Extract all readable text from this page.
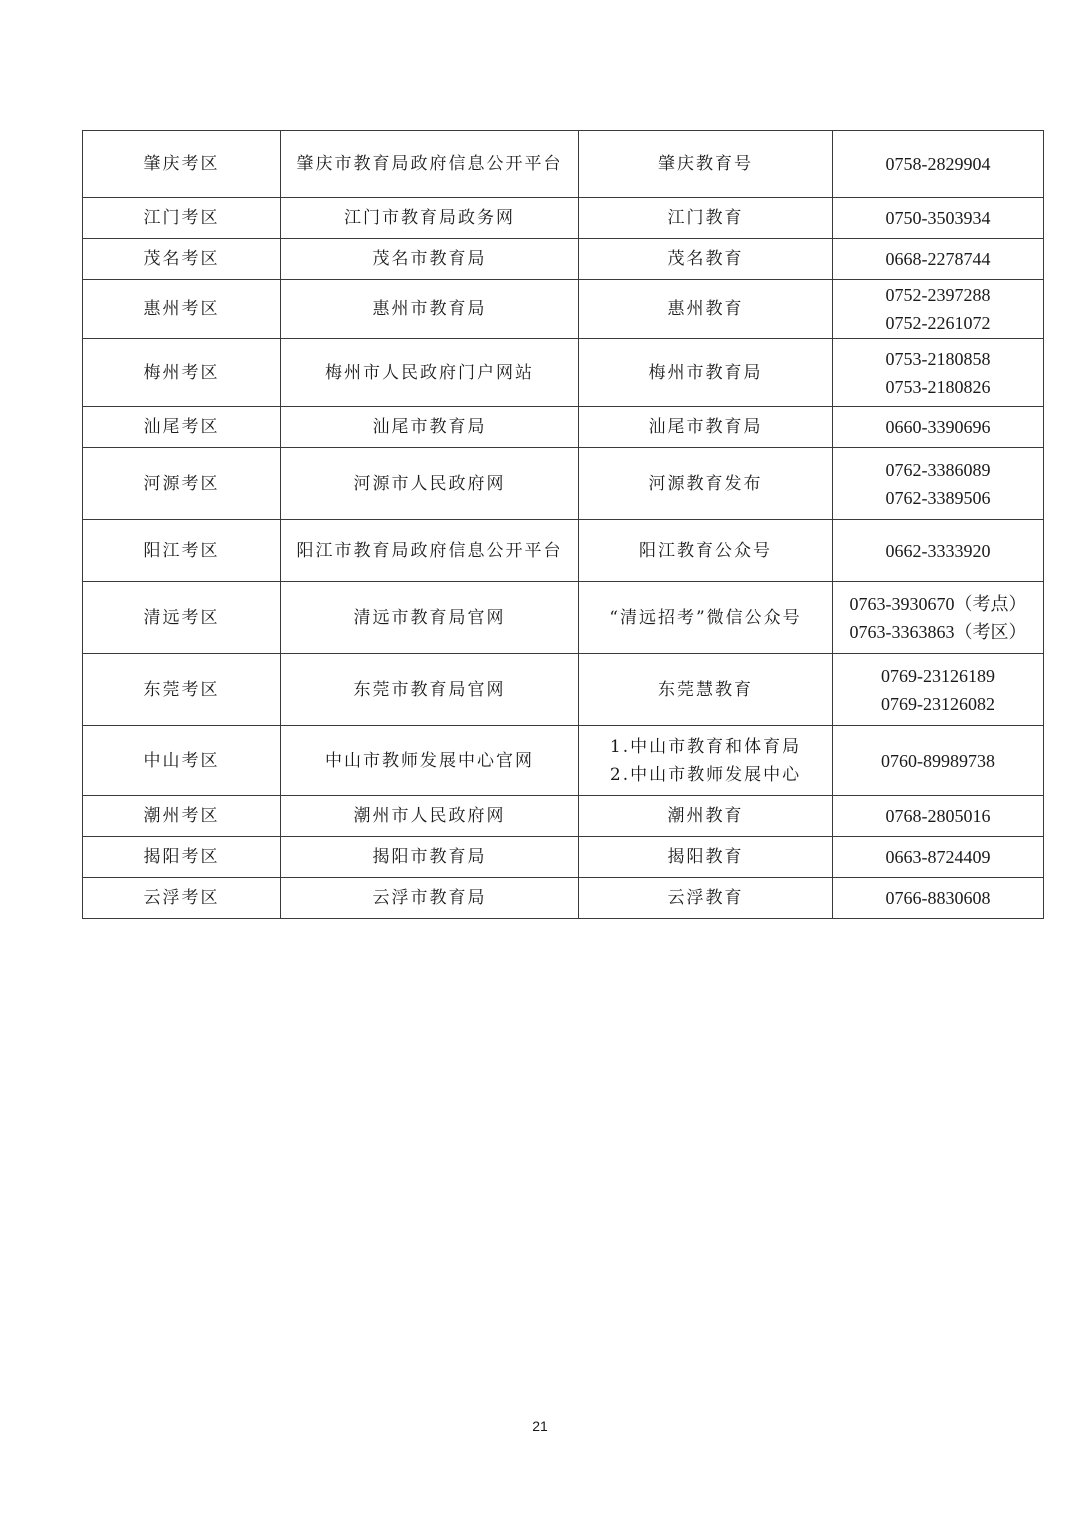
肇庆考区	肇庆市教育局政府信息公开平台	肇庆教育号	0758-2829904

江门考区	江门市教育局政务网	江门教育	0750-3503934

茂名考区	茂名市教育局	茂名教育	0668-2278744

惠州考区	惠州市教育局	惠州教育	0752-2397288
0752-2261072

梅州考区	梅州市人民政府门户网站	梅州市教育局	0753-2180858
0753-2180826

汕尾考区	汕尾市教育局	汕尾市教育局	0660-3390696

河源考区	河源市人民政府网	河源教育发布	0762-3386089
0762-3389506

阳江考区	阳江市教育局政府信息公开平台	阳江教育公众号	0662-3333920

清远考区	清远市教育局官网	“清远招考”微信公众号	0763-3930670（考点）
0763-3363863（考区）

东莞考区	东莞市教育局官网	东莞慧教育	0769-23126189
0769-23126082

中山考区	中山市教师发展中心官网	1.中山市教育和体育局
2.中山市教师发展中心	0760-89989738

潮州考区	潮州市人民政府网	潮州教育	0768-2805016

揭阳考区	揭阳市教育局	揭阳教育	0663-8724409

云浮考区	云浮市教育局	云浮教育	0766-8830608
21
